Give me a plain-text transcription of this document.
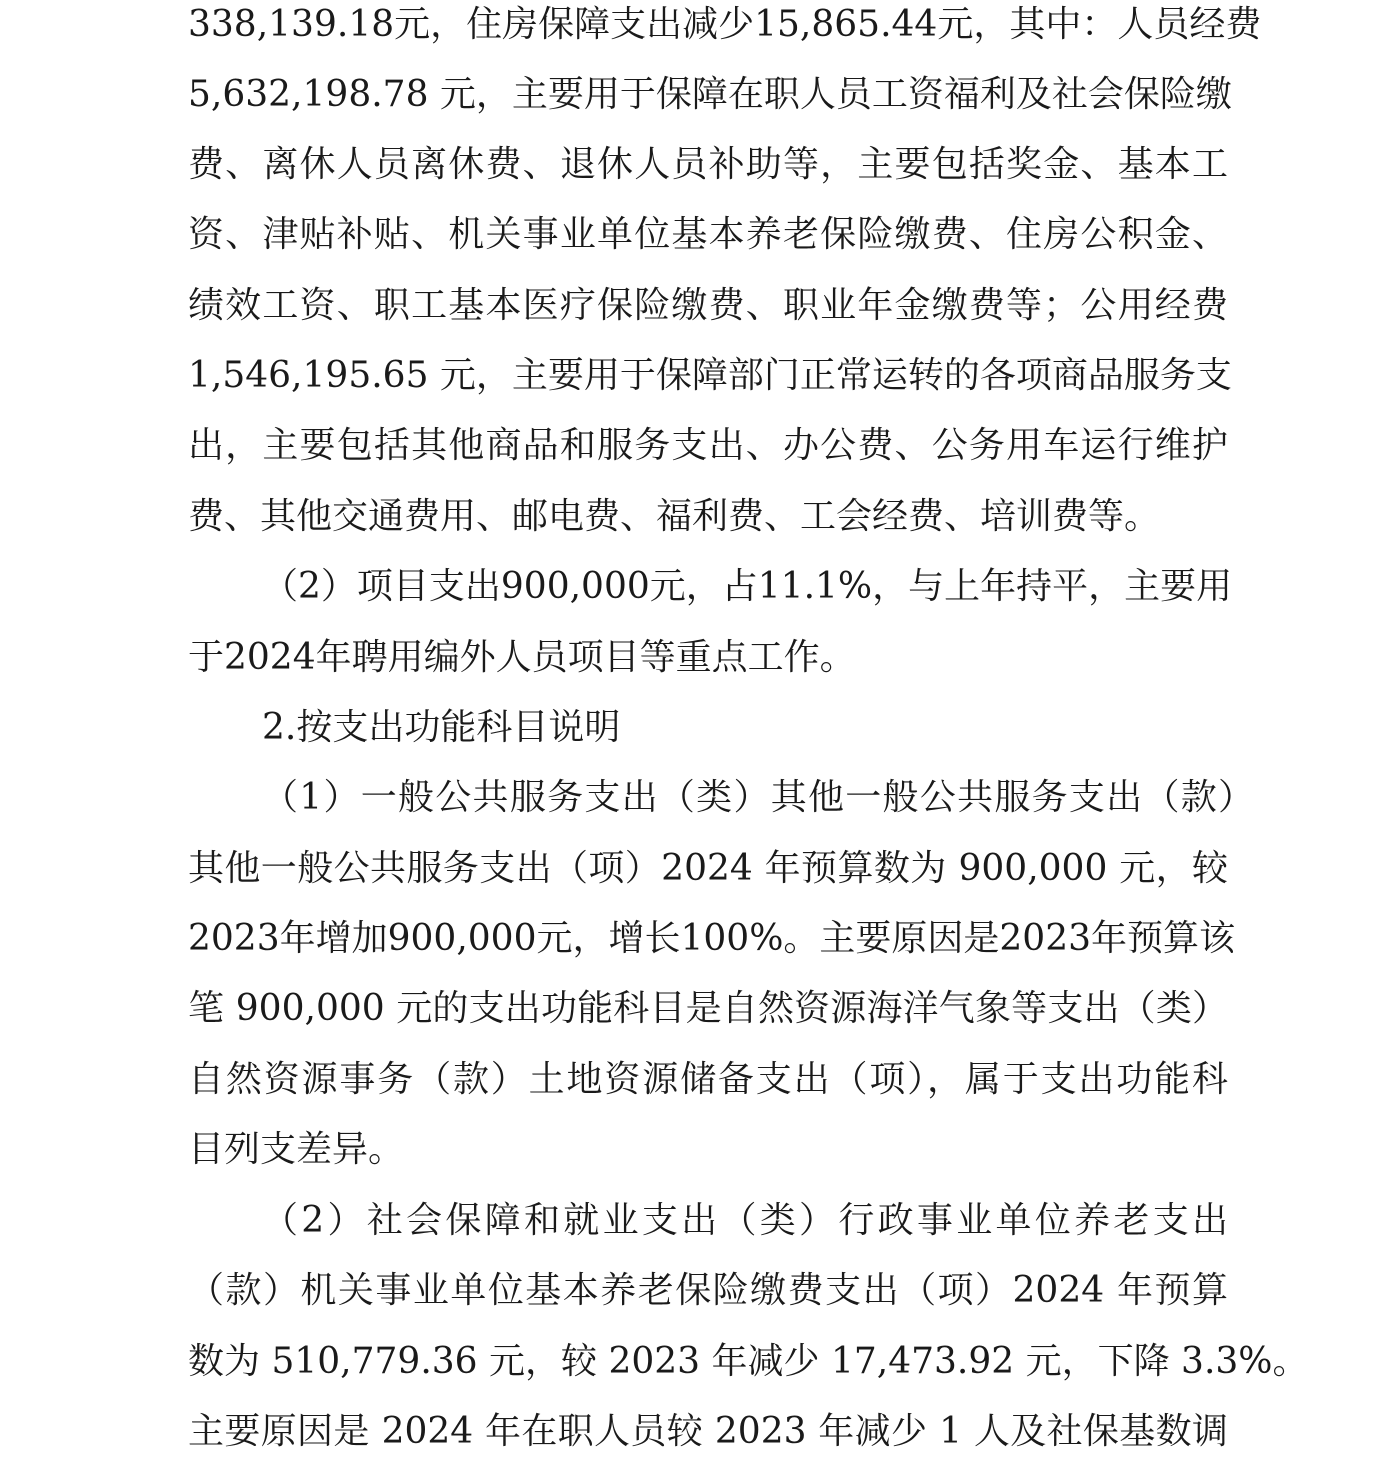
338,139.18元，住房保障支出减少15,865.44元，其中：人员经费
5,632,198.78 元，主要用于保障在职人员工资福利及社会保险缴
费、离休人员离休费、退休人员补助等，主要包括奖金、基本工
资、津贴补贴、机关事业单位基本养老保险缴费、住房公积金、
绩效工资、职工基本医疗保险缴费、职业年金缴费等；公用经费
1,546,195.65 元，主要用于保障部门正常运转的各项商品服务支
出，主要包括其他商品和服务支出、办公费、公务用车运行维护
费、其他交通费用、邮电费、福利费、工会经费、培训费等。
（2）项目支出900,000元，占11.1%，与上年持平，主要用
于2024年聘用编外人员项目等重点工作。
2.按支出功能科目说明
（1）一般公共服务支出（类）其他一般公共服务支出（款）
其他一般公共服务支出（项）2024 年预算数为 900,000 元，较
2023年增加900,000元，增长100%。主要原因是2023年预算该
笔 900,000 元的支出功能科目是自然资源海洋气象等支出（类）
自然资源事务（款）土地资源储备支出（项），属于支出功能科
目列支差异。
（2）社会保障和就业支出（类）行政事业单位养老支出
（款）机关事业单位基本养老保险缴费支出（项）2024 年预算
数为 510,779.36 元，较 2023 年减少 17,473.92 元，下降 3.3%。
主要原因是 2024 年在职人员较 2023 年减少 1 人及社保基数调
